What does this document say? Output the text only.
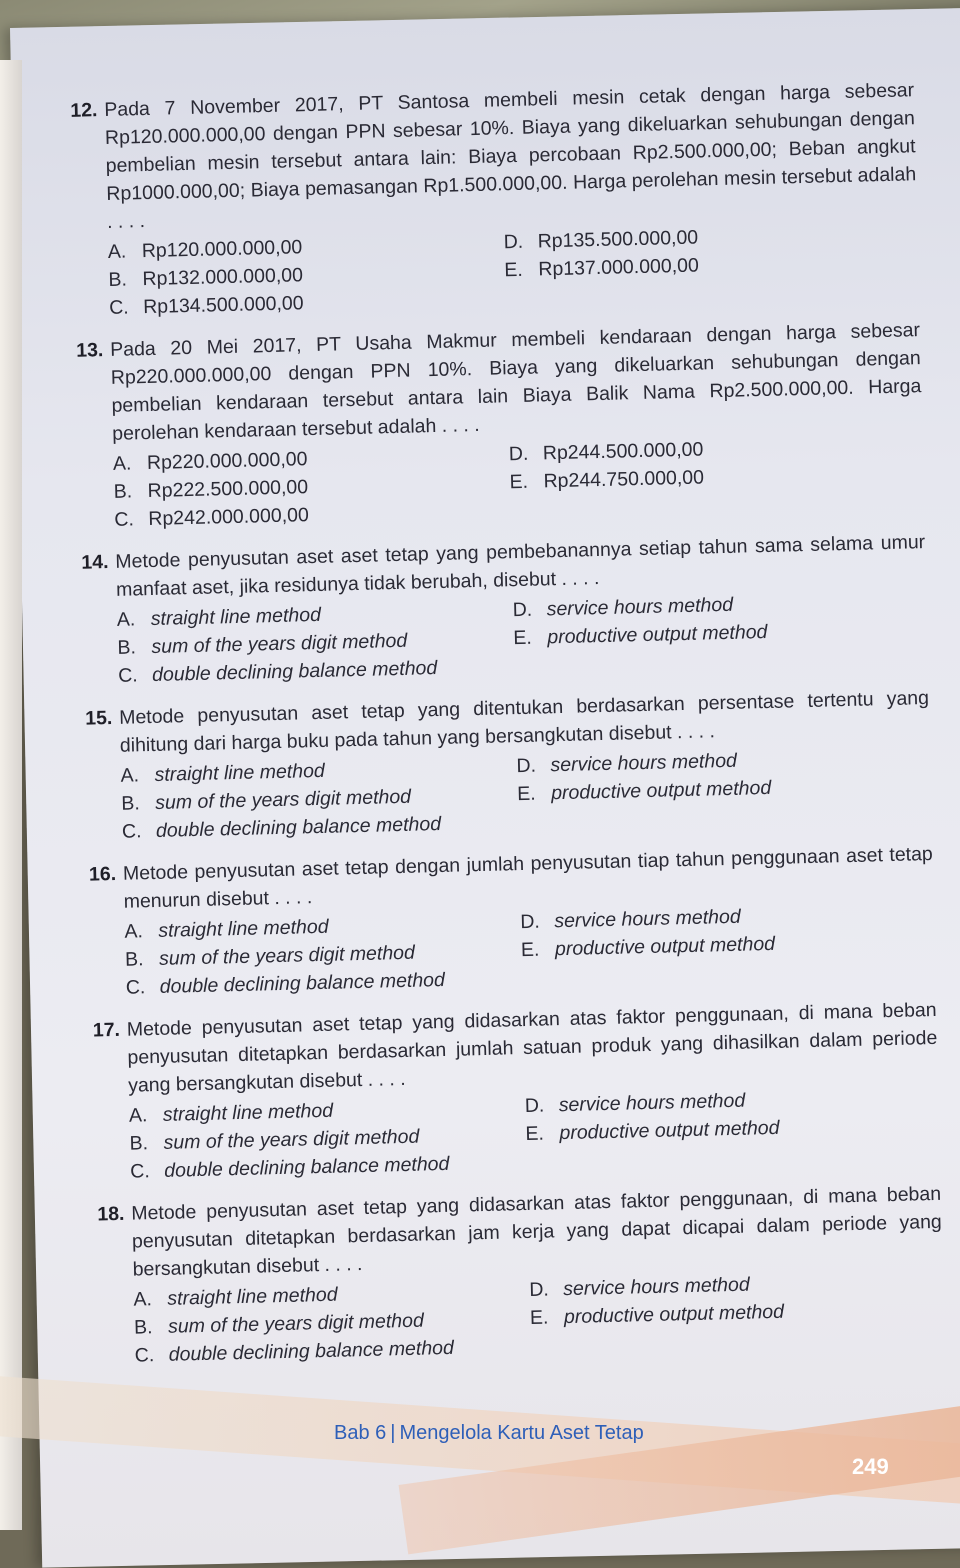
12. Pada 7 November 2017, PT Santosa membeli mesin cetak dengan harga sebesar Rp120.000.000,00 dengan PPN sebesar 10%. Biaya yang dikeluarkan sehubungan dengan pembelian mesin tersebut antara lain: Biaya percobaan Rp2.500.000,00; Beban angkut Rp1000.000,00; Biaya pemasangan Rp1.500.000,00. Harga perolehan mesin tersebut adalah . . . .
A. Rp120.000.000,00	D. Rp135.500.000,00
B. Rp132.000.000,00	E. Rp137.000.000,00
C. Rp134.500.000,00
13. Pada 20 Mei 2017, PT Usaha Makmur membeli kendaraan dengan harga sebesar Rp220.000.000,00 dengan PPN 10%. Biaya yang dikeluarkan sehubungan dengan pembelian kendaraan tersebut antara lain Biaya Balik Nama Rp2.500.000,00. Harga perolehan kendaraan tersebut adalah . . . .
A. Rp220.000.000,00	D. Rp244.500.000,00
B. Rp222.500.000,00	E. Rp244.750.000,00
C. Rp242.000.000,00
14. Metode penyusutan aset aset tetap yang pembebanannya setiap tahun sama selama umur manfaat aset, jika residunya tidak berubah, disebut . . . .
A. straight line method	D. service hours method
B. sum of the years digit method	E. productive output method
C. double declining balance method
15. Metode penyusutan aset tetap yang ditentukan berdasarkan persentase tertentu yang dihitung dari harga buku pada tahun yang bersangkutan disebut . . . .
A. straight line method	D. service hours method
B. sum of the years digit method	E. productive output method
C. double declining balance method
16. Metode penyusutan aset tetap dengan jumlah penyusutan tiap tahun penggunaan aset tetap menurun disebut . . . .
A. straight line method	D. service hours method
B. sum of the years digit method	E. productive output method
C. double declining balance method
17. Metode penyusutan aset tetap yang didasarkan atas faktor penggunaan, di mana beban penyusutan ditetapkan berdasarkan jumlah satuan produk yang dihasilkan dalam periode yang bersangkutan disebut . . . .
A. straight line method	D. service hours method
B. sum of the years digit method	E. productive output method
C. double declining balance method
18. Metode penyusutan aset tetap yang didasarkan atas faktor penggunaan, di mana beban penyusutan ditetapkan berdasarkan jam kerja yang dapat dicapai dalam periode yang bersangkutan disebut . . . .
A. straight line method	D. service hours method
B. sum of the years digit method	E. productive output method
C. double declining balance method
Bab 6 | Mengelola Kartu Aset Tetap
249
